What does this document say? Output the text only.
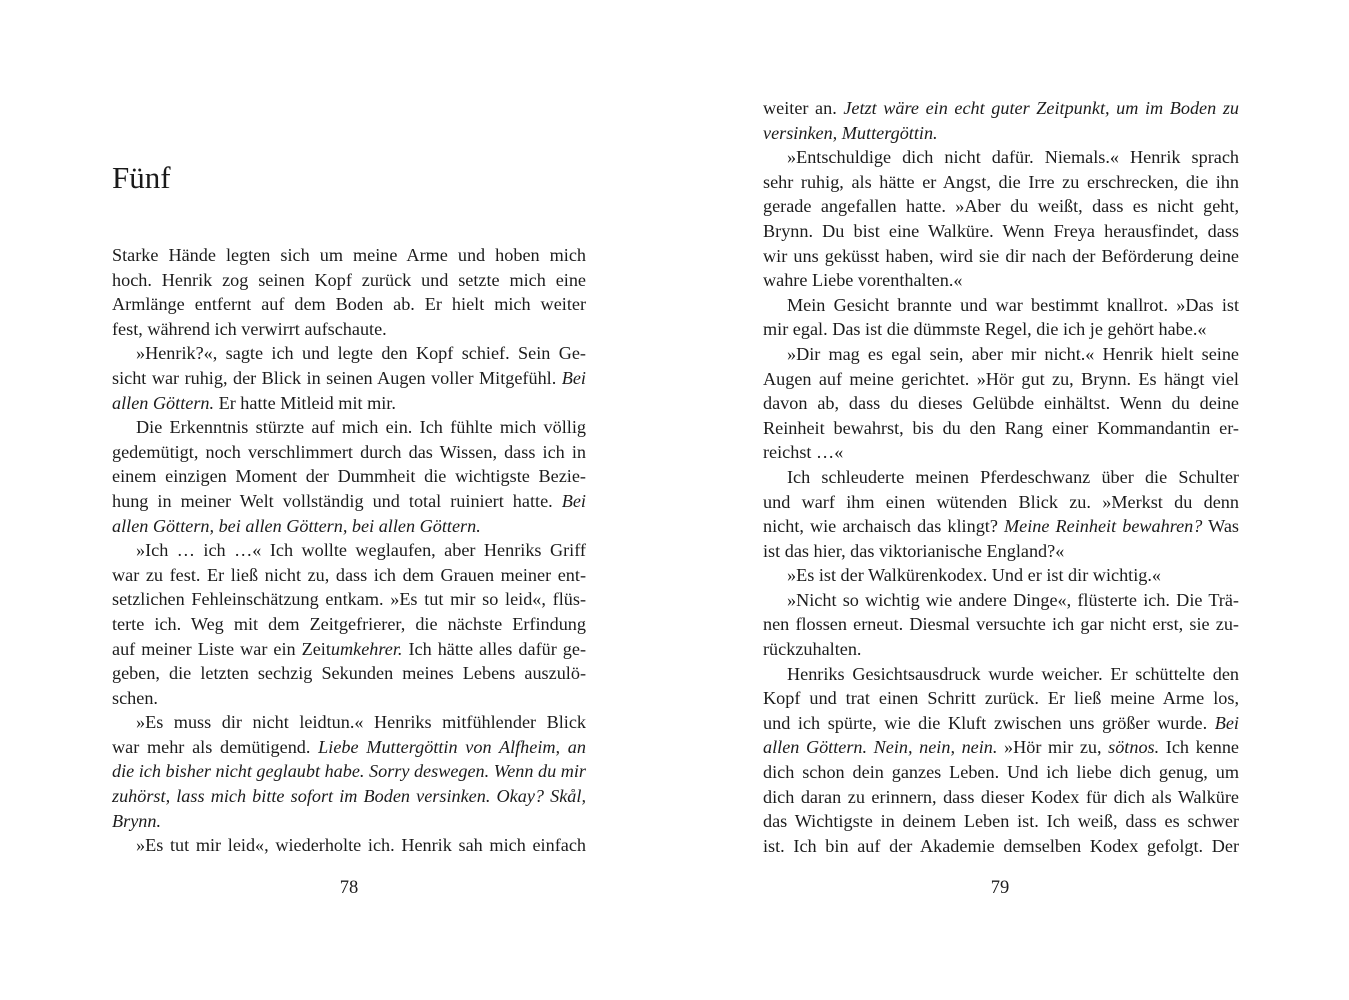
Fünf
Starke Hände legten sich um meine Arme und hoben mich
hoch. Henrik zog seinen Kopf zurück und setzte mich eine
Armlänge entfernt auf dem Boden ab. Er hielt mich weiter
fest, während ich verwirrt aufschaute.
»Henrik?«, sagte ich und legte den Kopf schief. Sein Ge-
sicht war ruhig, der Blick in seinen Augen voller Mitgefühl. Bei
allen Göttern. Er hatte Mitleid mit mir.
Die Erkenntnis stürzte auf mich ein. Ich fühlte mich völlig
gedemütigt, noch verschlimmert durch das Wissen, dass ich in
einem einzigen Moment der Dummheit die wichtigste Bezie-
hung in meiner Welt vollständig und total ruiniert hatte. Bei
allen Göttern, bei allen Göttern, bei allen Göttern.
»Ich … ich …« Ich wollte weglaufen, aber Henriks Griff
war zu fest. Er ließ nicht zu, dass ich dem Grauen meiner ent-
setzlichen Fehleinschätzung entkam. »Es tut mir so leid«, flüs-
terte ich. Weg mit dem Zeitgefrierer, die nächste Erfindung
auf meiner Liste war ein Zeitumkehrer. Ich hätte alles dafür ge-
geben, die letzten sechzig Sekunden meines Lebens auszulö-
schen.
»Es muss dir nicht leidtun.« Henriks mitfühlender Blick
war mehr als demütigend. Liebe Muttergöttin von Alfheim, an
die ich bisher nicht geglaubt habe. Sorry deswegen. Wenn du mir
zuhörst, lass mich bitte sofort im Boden versinken. Okay? Skål,
Brynn.
»Es tut mir leid«, wiederholte ich. Henrik sah mich einfach
78
weiter an. Jetzt wäre ein echt guter Zeitpunkt, um im Boden zu
versinken, Muttergöttin.
»Entschuldige dich nicht dafür. Niemals.« Henrik sprach
sehr ruhig, als hätte er Angst, die Irre zu erschrecken, die ihn
gerade angefallen hatte. »Aber du weißt, dass es nicht geht,
Brynn. Du bist eine Walküre. Wenn Freya herausfindet, dass
wir uns geküsst haben, wird sie dir nach der Beförderung deine
wahre Liebe vorenthalten.«
Mein Gesicht brannte und war bestimmt knallrot. »Das ist
mir egal. Das ist die dümmste Regel, die ich je gehört habe.«
»Dir mag es egal sein, aber mir nicht.« Henrik hielt seine
Augen auf meine gerichtet. »Hör gut zu, Brynn. Es hängt viel
davon ab, dass du dieses Gelübde einhältst. Wenn du deine
Reinheit bewahrst, bis du den Rang einer Kommandantin er-
reichst …«
Ich schleuderte meinen Pferdeschwanz über die Schulter
und warf ihm einen wütenden Blick zu. »Merkst du denn
nicht, wie archaisch das klingt? Meine Reinheit bewahren? Was
ist das hier, das viktorianische England?«
»Es ist der Walkürenkodex. Und er ist dir wichtig.«
»Nicht so wichtig wie andere Dinge«, flüsterte ich. Die Trä-
nen flossen erneut. Diesmal versuchte ich gar nicht erst, sie zu-
rückzuhalten.
Henriks Gesichtsausdruck wurde weicher. Er schüttelte den
Kopf und trat einen Schritt zurück. Er ließ meine Arme los,
und ich spürte, wie die Kluft zwischen uns größer wurde. Bei
allen Göttern. Nein, nein, nein. »Hör mir zu, sötnos. Ich kenne
dich schon dein ganzes Leben. Und ich liebe dich genug, um
dich daran zu erinnern, dass dieser Kodex für dich als Walküre
das Wichtigste in deinem Leben ist. Ich weiß, dass es schwer
ist. Ich bin auf der Akademie demselben Kodex gefolgt. Der
79
